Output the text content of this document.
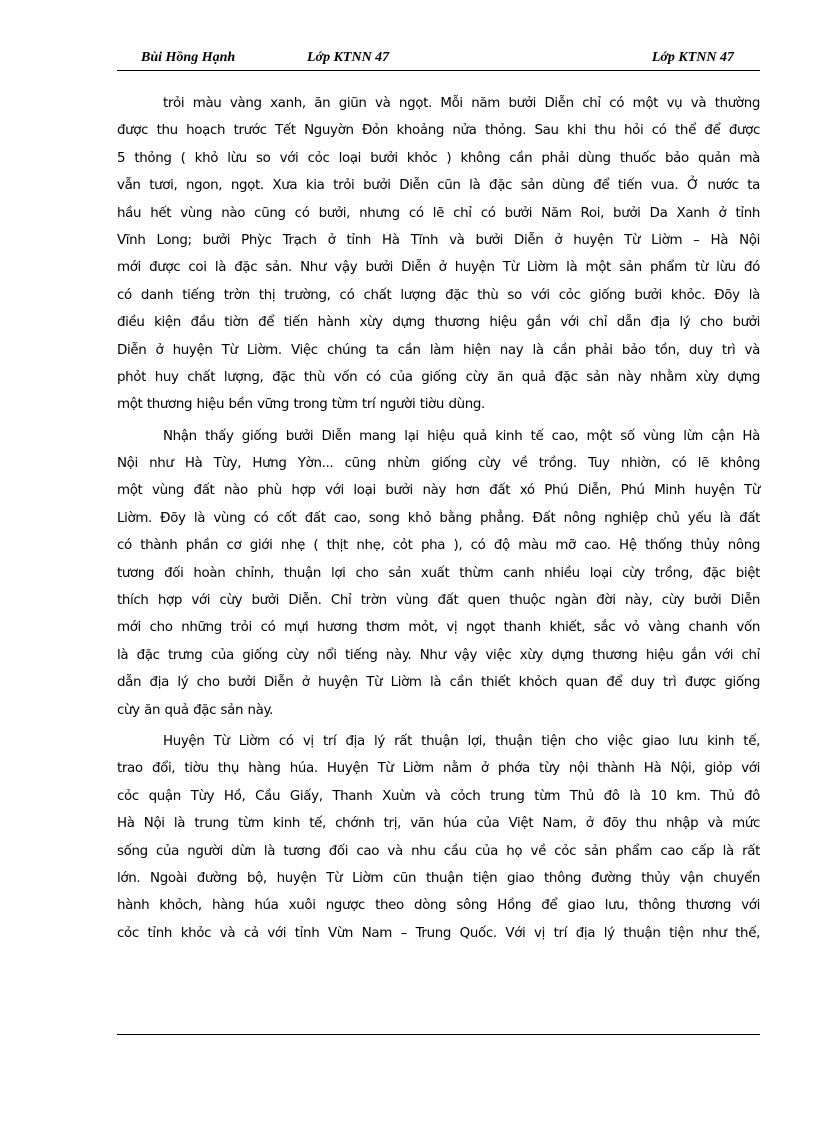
Bùi Hồng Hạnh	Lớp KTNN 47	Lớp KTNN 47
trỏi màu vàng xanh, ăn giũn và ngọt. Mỗi năm bưởi Diễn chỉ có một vụ và thường
được thu hoạch trước Tết Nguyờn Đỏn khoảng nửa thỏng. Sau khi thu hỏi có thể để được
5 thỏng ( khỏ lừu so với cỏc loại bưởi khỏc ) không cần phải dùng thuốc bảo quản mà
vẫn tươi, ngon, ngọt. Xưa kia trỏi bưởi Diễn cũn là đặc sản dùng để tiến vua. Ở nước ta
hầu hết vùng nào cũng có bưởi, nhưng có lẽ chỉ có bưởi Năm Roi, bưởi Da Xanh ở tỉnh
Vĩnh Long; bưởi Phỳc Trạch ở tỉnh Hà Tĩnh và bưởi Diễn ở huyện Từ Liờm – Hà Nội
mới được coi là đặc sản. Như vậy bưởi Diễn ở huyện Từ Liờm là một sản phẩm từ lừu đó
có danh tiếng trờn thị trường, có chất lượng đặc thù so với cỏc giống bưởi khỏc. Đõy là
điều kiện đầu tiờn để tiến hành xừy dựng thương hiệu gắn với chỉ dẫn địa lý cho bưởi
Diễn ở huyện Từ Liờm. Việc chúng ta cần làm hiện nay là cần phải bảo tồn, duy trì và
phỏt huy chất lượng, đặc thù vốn có của giống cừy ăn quả đặc sản này nhằm xừy dựng
một thương hiệu bền vững trong từm trí người tiờu dùng.
Nhận thấy giống bưởi Diễn mang lại hiệu quả kinh tế cao, một số vùng lừn cận Hà
Nội như Hà Từy, Hưng Yờn... cũng nhừn giống cừy về trồng. Tuy nhiờn, có lẽ không
một vùng đất nào phù hợp với loại bưởi này hơn đất xó Phú Diễn, Phú Minh huyện Từ
Liờm. Đõy là vùng có cốt đất cao, song khỏ bằng phẳng. Đất nông nghiệp chủ yếu là đất
có thành phần cơ giới nhẹ ( thịt nhẹ, cỏt pha ), có độ màu mỡ cao. Hệ thống thủy nông
tương đối hoàn chỉnh, thuận lợi cho sản xuất thừm canh nhiều loại cừy trồng, đặc biệt
thích hợp với cừy bưởi Diễn. Chỉ trờn vùng đất quen thuộc ngàn đời này, cừy bưởi Diễn
mới cho những trỏi có mựi hương thơm mỏt, vị ngọt thanh khiết, sắc vỏ vàng chanh vốn
là đặc trưng của giống cừy nổi tiếng này. Như vậy việc xừy dựng thương hiệu gắn với chỉ
dẫn địa lý cho bưởi Diễn ở huyện Từ Liờm là cần thiết khỏch quan để duy trì được giống
cừy ăn quả đặc sản này.
Huyện Từ Liờm có vị trí địa lý rất thuận lợi, thuận tiện cho việc giao lưu kinh tế,
trao đổi, tiờu thụ hàng húa. Huyện Từ Liờm nằm ở phớa từy nội thành Hà Nội, giỏp với
cỏc quận Từy Hồ, Cầu Giấy, Thanh Xuừn và cỏch trung từm Thủ đô là 10 km. Thủ đô
Hà Nội là trung từm kinh tế, chớnh trị, văn húa của Việt Nam, ở đõy thu nhập và mức
sống của người dừn là tương đối cao và nhu cầu của họ về cỏc sản phẩm cao cấp là rất
lớn. Ngoài đường bộ, huyện Từ Liờm cũn thuận tiện giao thông đường thủy vận chuyển
hành khỏch, hàng húa xuôi ngược theo dòng sông Hồng để giao lưu, thông thương với
cỏc tỉnh khỏc và cả với tỉnh Vừn Nam – Trung Quốc. Với vị trí địa lý thuận tiện như thế,
